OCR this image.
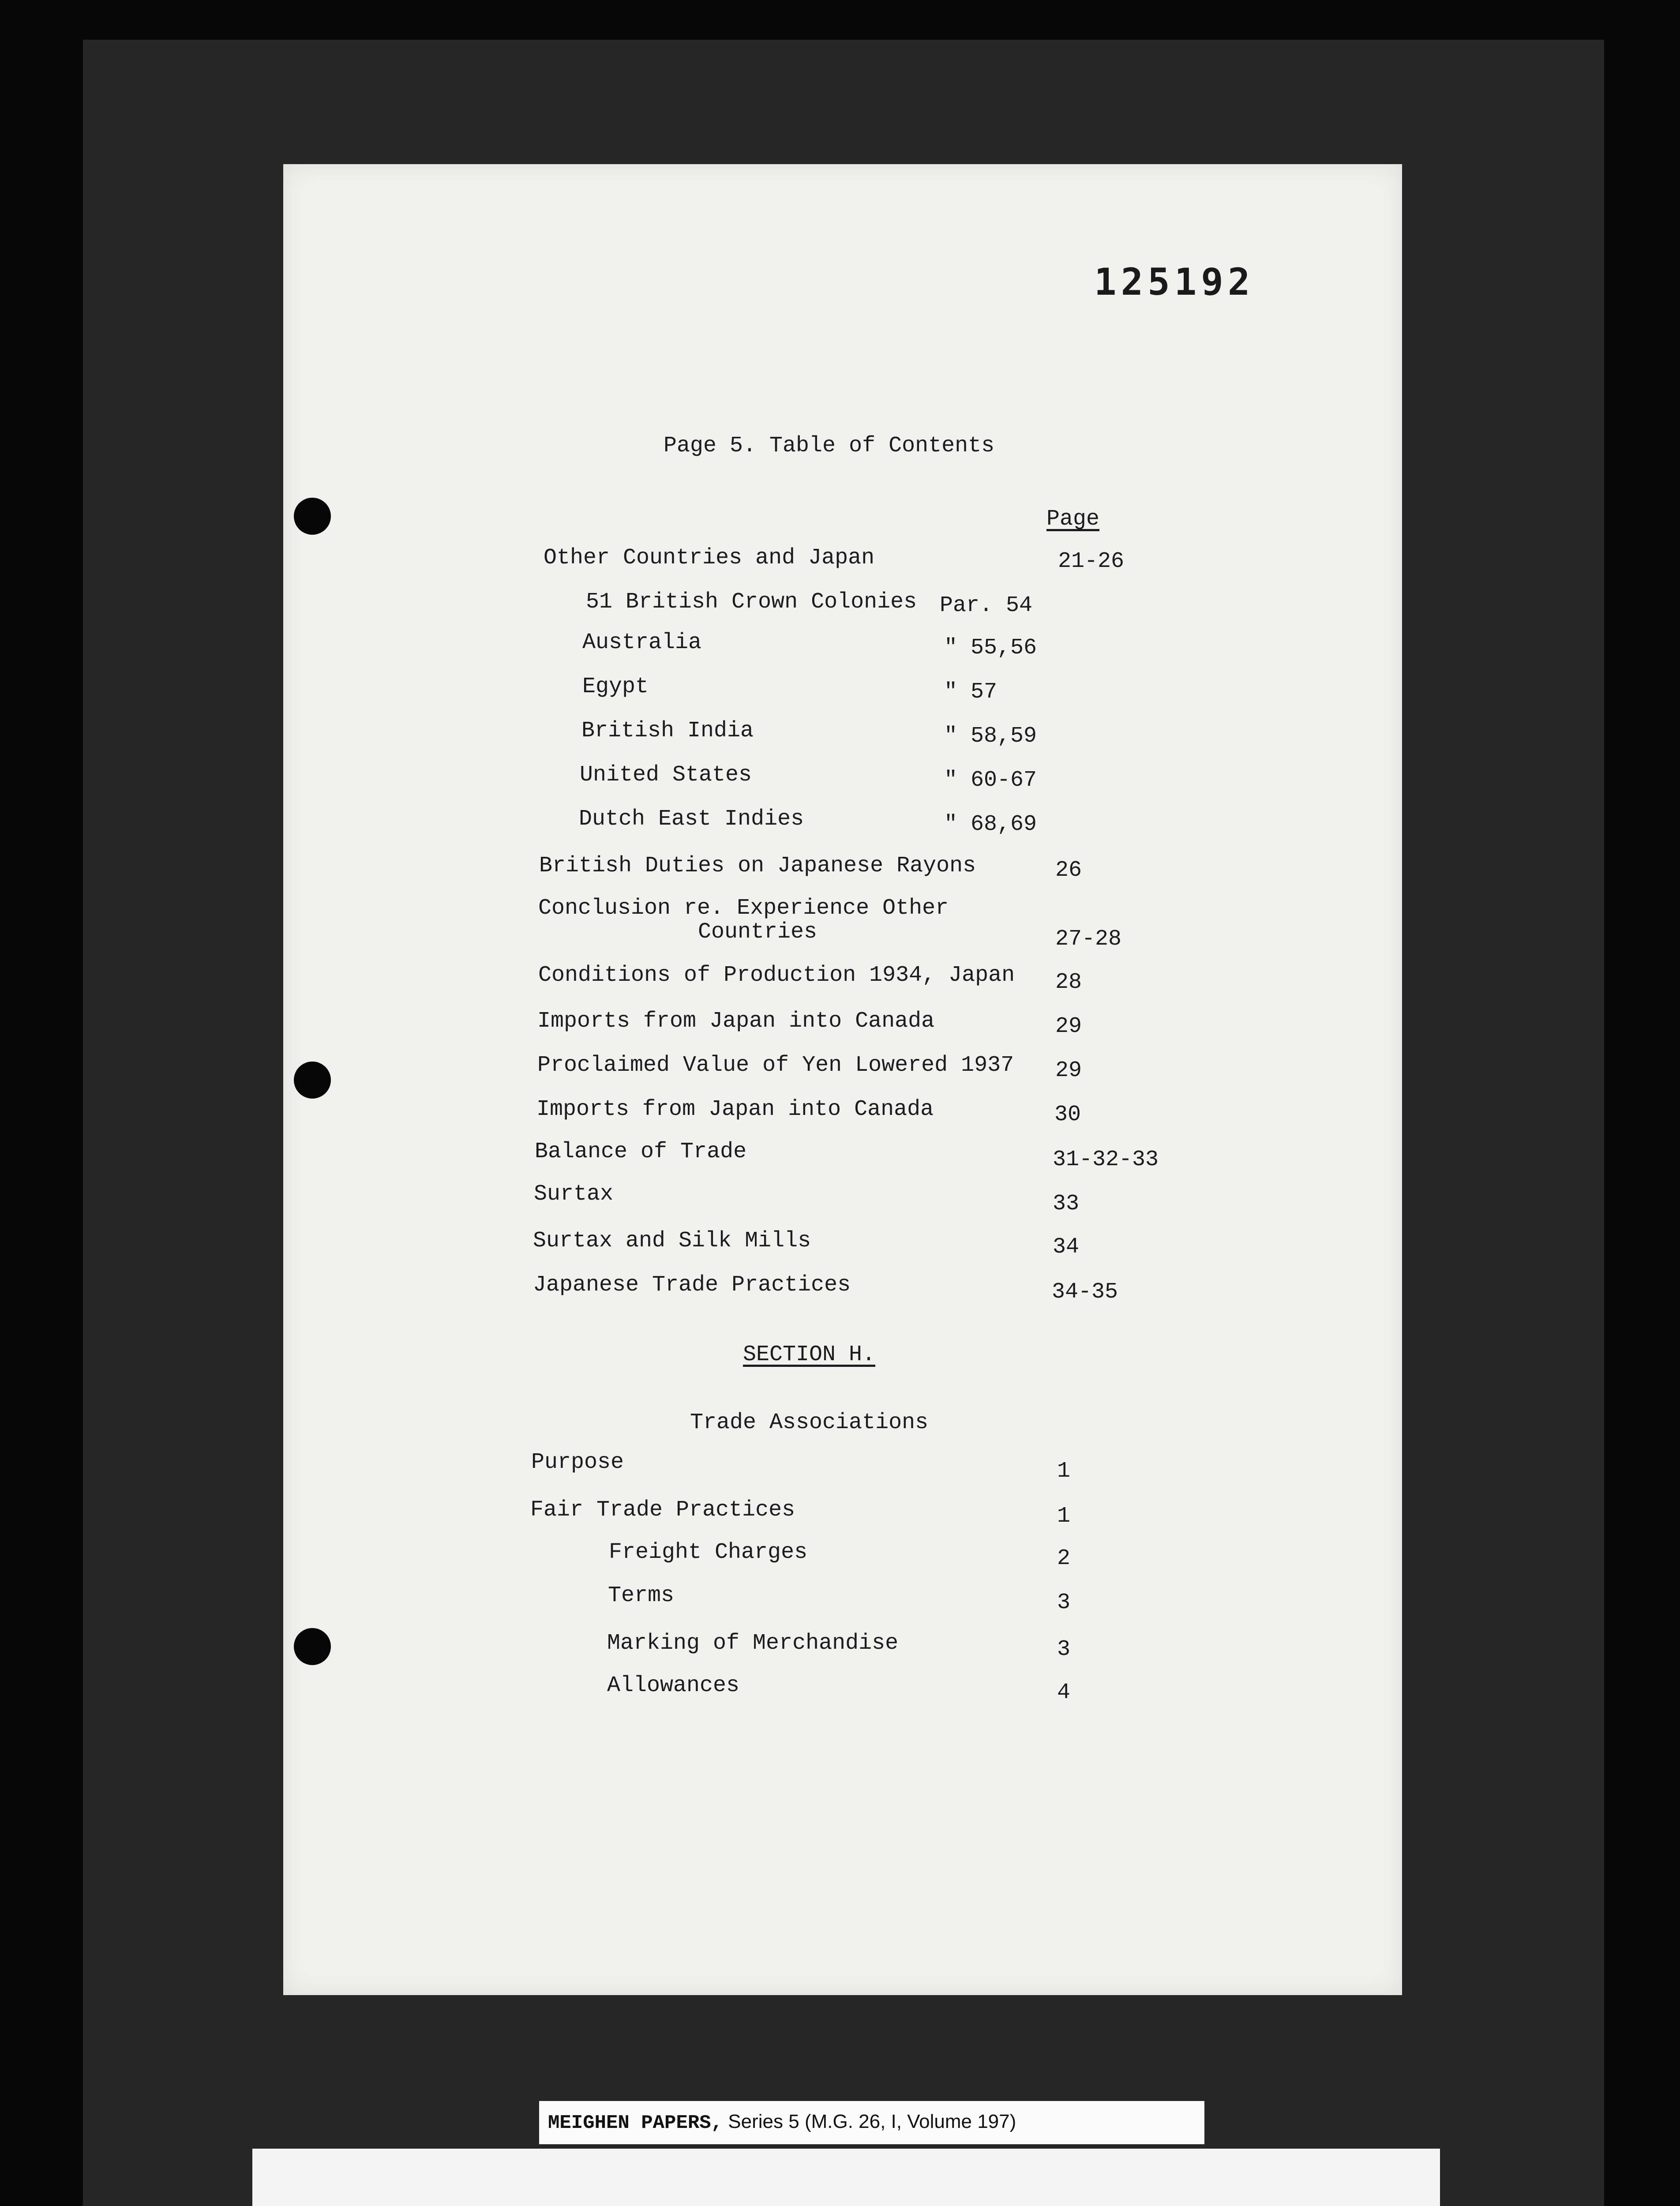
125192
Page 5. Table of Contents
Page
Other Countries and Japan	21-26
51 British Crown Colonies Par. 54
Australia	" 55,56
Egypt	" 57
British India	" 58,59
United States	" 60-67
Dutch East Indies	" 68,69
British Duties on Japanese Rayons	26
Conclusion re. Experience Other
Countries	27-28
Conditions of Production 1934, Japan 28
Imports from Japan into Canada	29
Proclaimed Value of Yen Lowered 1937 29
Imports from Japan into Canada	30
Balance of Trade	31-32-33
Surtax	33
Surtax and Silk Mills	34
Japanese Trade Practices	34-35
SECTION H.
Trade Associations
Purpose	1
Fair Trade Practices	1
Freight Charges	2
Terms	3
Marking of Merchandise	3
Allowances	4
MEIGHEN PAPERS, Series 5 (M.G. 26, I, Volume 197)
